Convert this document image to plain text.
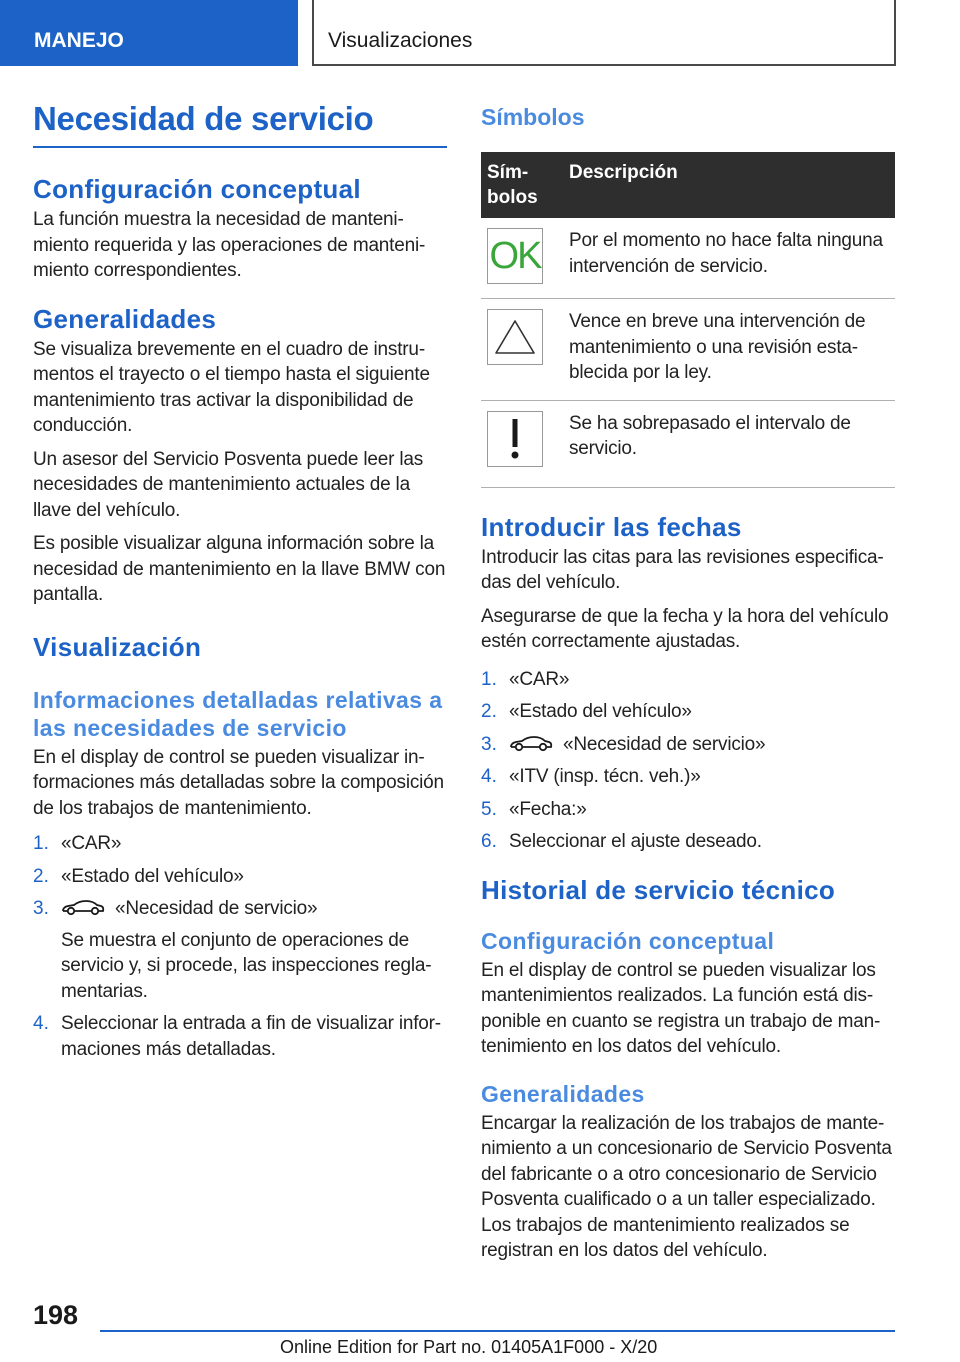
MANEJO	Visualizaciones
Necesidad de servicio
Configuración conceptual

La función muestra la necesidad de mantenimiento requerida y las operaciones de mantenimiento correspondientes.

Generalidades

Se visualiza brevemente en el cuadro de instrumentos el trayecto o el tiempo hasta el siguiente mantenimiento tras activar la disponibilidad de conducción.

Un asesor del Servicio Posventa puede leer las necesidades de mantenimiento actuales de la llave del vehículo.

Es posible visualizar alguna información sobre la necesidad de mantenimiento en la llave BMW con pantalla.

Visualización
Informaciones detalladas relativas a las necesidades de servicio

En el display de control se pueden visualizar informaciones más detalladas sobre la composición de los trabajos de mantenimiento.

1. «CAR»
2. «Estado del vehículo»
3.	«Necesidad de servicio»

Se muestra el conjunto de operaciones de servicio y, si procede, las inspecciones reglamentarias.
4. Seleccionar la entrada a fin de visualizar informaciones más detalladas.
Símbolos
Sím-
bolos	Descripción

OK	Por el momento no hace falta ninguna intervención de servicio.

	Vence en breve una intervención de mantenimiento o una revisión establecida por la ley.

	Se ha sobrepasado el intervalo de servicio.
Introducir las fechas

Introducir las citas para las revisiones especificadas del vehículo.

Asegurarse de que la fecha y la hora del vehículo estén correctamente ajustadas.

1. «CAR»
2. «Estado del vehículo»
3.	«Necesidad de servicio»
4. «ITV (insp. técn. veh.)»
5. «Fecha:»
6. Seleccionar el ajuste deseado.
Historial de servicio técnico
Configuración conceptual

En el display de control se pueden visualizar los mantenimientos realizados. La función está disponible en cuanto se registra un trabajo de mantenimiento en los datos del vehículo.

Generalidades

Encargar la realización de los trabajos de mantenimiento a un concesionario de Servicio Posventa del fabricante o a otro concesionario de Servicio Posventa cualificado o a un taller especializado. Los trabajos de mantenimiento realizados se registran en los datos del vehículo.

198
Online Edition for Part no. 01405A1F000 - X/20
